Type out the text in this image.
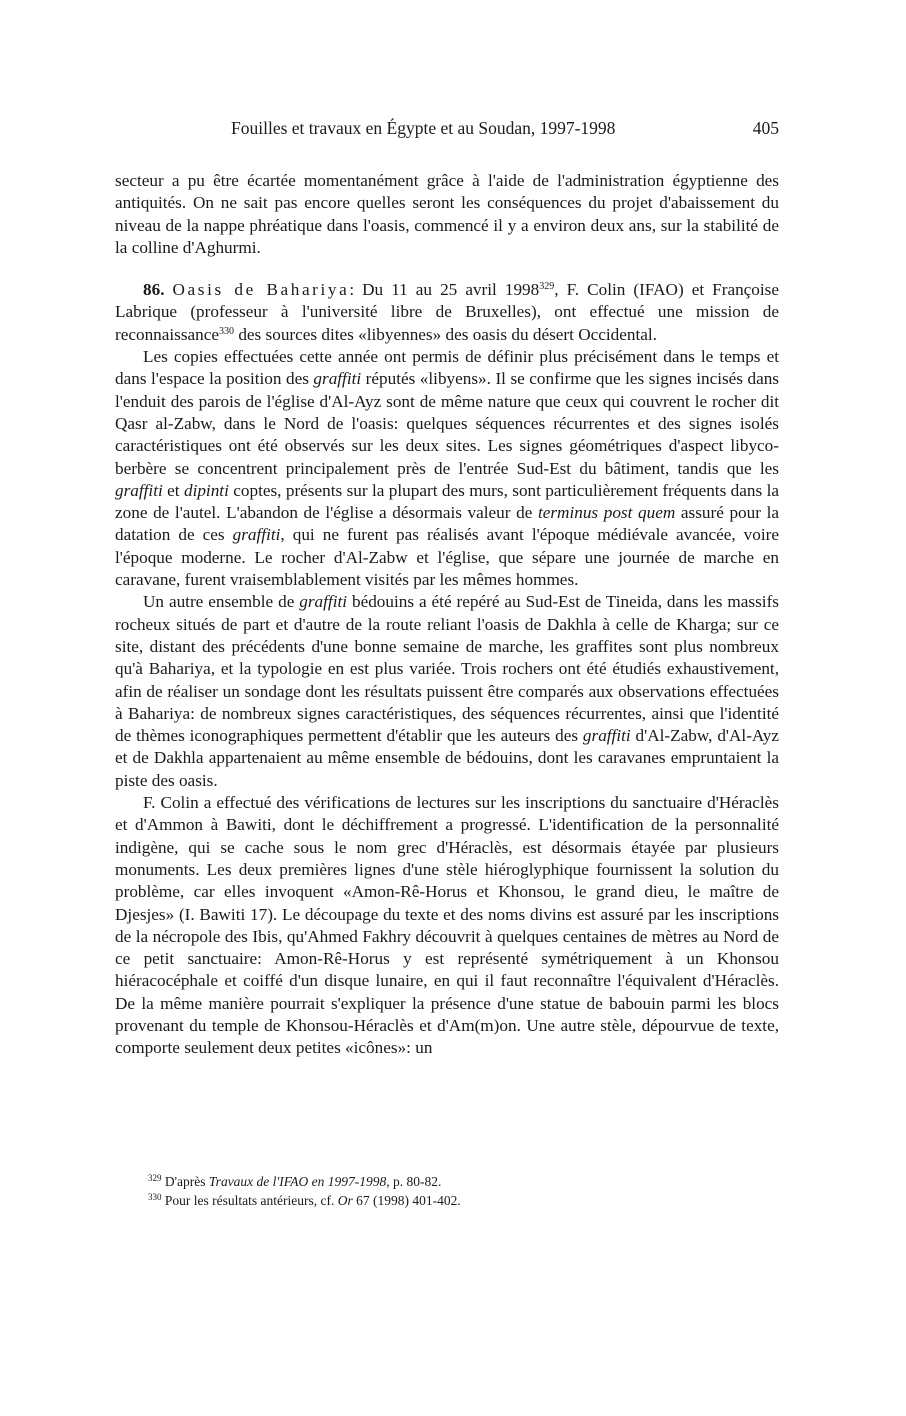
Fouilles et travaux en Égypte et au Soudan, 1997-1998	405

secteur a pu être écartée momentanément grâce à l'aide de l'administration égyptienne des antiquités. On ne sait pas encore quelles seront les conséquences du projet d'abaissement du niveau de la nappe phréatique dans l'oasis, commencé il y a environ deux ans, sur la stabilité de la colline d'Aghurmi.

86. Oasis de Bahariya: Du 11 au 25 avril 1998$^{329}$, F. Colin (IFAO) et Françoise Labrique (professeur à l'université libre de Bruxelles), ont effectué une mission de reconnaissance$^{330}$ des sources dites «libyennes» des oasis du désert Occidental.

Les copies effectuées cette année ont permis de définir plus précisément dans le temps et dans l'espace la position des graffiti réputés «libyens». Il se confirme que les signes incisés dans l'enduit des parois de l'église d'Al-Ayz sont de même nature que ceux qui couvrent le rocher dit Qasr al-Zabw, dans le Nord de l'oasis: quelques séquences récurrentes et des signes isolés caractéristiques ont été observés sur les deux sites. Les signes géométriques d'aspect libyco-berbère se concentrent principalement près de l'entrée Sud-Est du bâtiment, tandis que les graffiti et dipinti coptes, présents sur la plupart des murs, sont particulièrement fréquents dans la zone de l'autel. L'abandon de l'église a désormais valeur de terminus post quem assuré pour la datation de ces graffiti, qui ne furent pas réalisés avant l'époque médiévale avancée, voire l'époque moderne. Le rocher d'Al-Zabw et l'église, que sépare une journée de marche en caravane, furent vraisemblablement visités par les mêmes hommes.

Un autre ensemble de graffiti bédouins a été repéré au Sud-Est de Tineida, dans les massifs rocheux situés de part et d'autre de la route reliant l'oasis de Dakhla à celle de Kharga; sur ce site, distant des précédents d'une bonne semaine de marche, les graffites sont plus nombreux qu'à Bahariya, et la typologie en est plus variée. Trois rochers ont été étudiés exhaustivement, afin de réaliser un sondage dont les résultats puissent être comparés aux observations effectuées à Bahariya: de nombreux signes caractéristiques, des séquences récurrentes, ainsi que l'identité de thèmes iconographiques permettent d'établir que les auteurs des graffiti d'Al-Zabw, d'Al-Ayz et de Dakhla appartenaient au même ensemble de bédouins, dont les caravanes empruntaient la piste des oasis.

F. Colin a effectué des vérifications de lectures sur les inscriptions du sanctuaire d'Héraclès et d'Ammon à Bawiti, dont le déchiffrement a progressé. L'identification de la personnalité indigène, qui se cache sous le nom grec d'Héraclès, est désormais étayée par plusieurs monuments. Les deux premières lignes d'une stèle hiéroglyphique fournissent la solution du problème, car elles invoquent «Amon-Rê-Horus et Khonsou, le grand dieu, le maître de Djesjes» (I. Bawiti 17). Le découpage du texte et des noms divins est assuré par les inscriptions de la nécropole des Ibis, qu'Ahmed Fakhry découvrit à quelques centaines de mètres au Nord de ce petit sanctuaire: Amon-Rê-Horus y est représenté symétriquement à un Khonsou hiéracocéphale et coiffé d'un disque lunaire, en qui il faut reconnaître l'équivalent d'Héraclès. De la même manière pourrait s'expliquer la présence d'une statue de babouin parmi les blocs provenant du temple de Khonsou-Héraclès et d'Am(m)on. Une autre stèle, dépourvue de texte, comporte seulement deux petites «icônes»: un

$^{329}$ D'après Travaux de l'IFAO en 1997-1998, p. 80-82.

$^{330}$ Pour les résultats antérieurs, cf. Or 67 (1998) 401-402.
